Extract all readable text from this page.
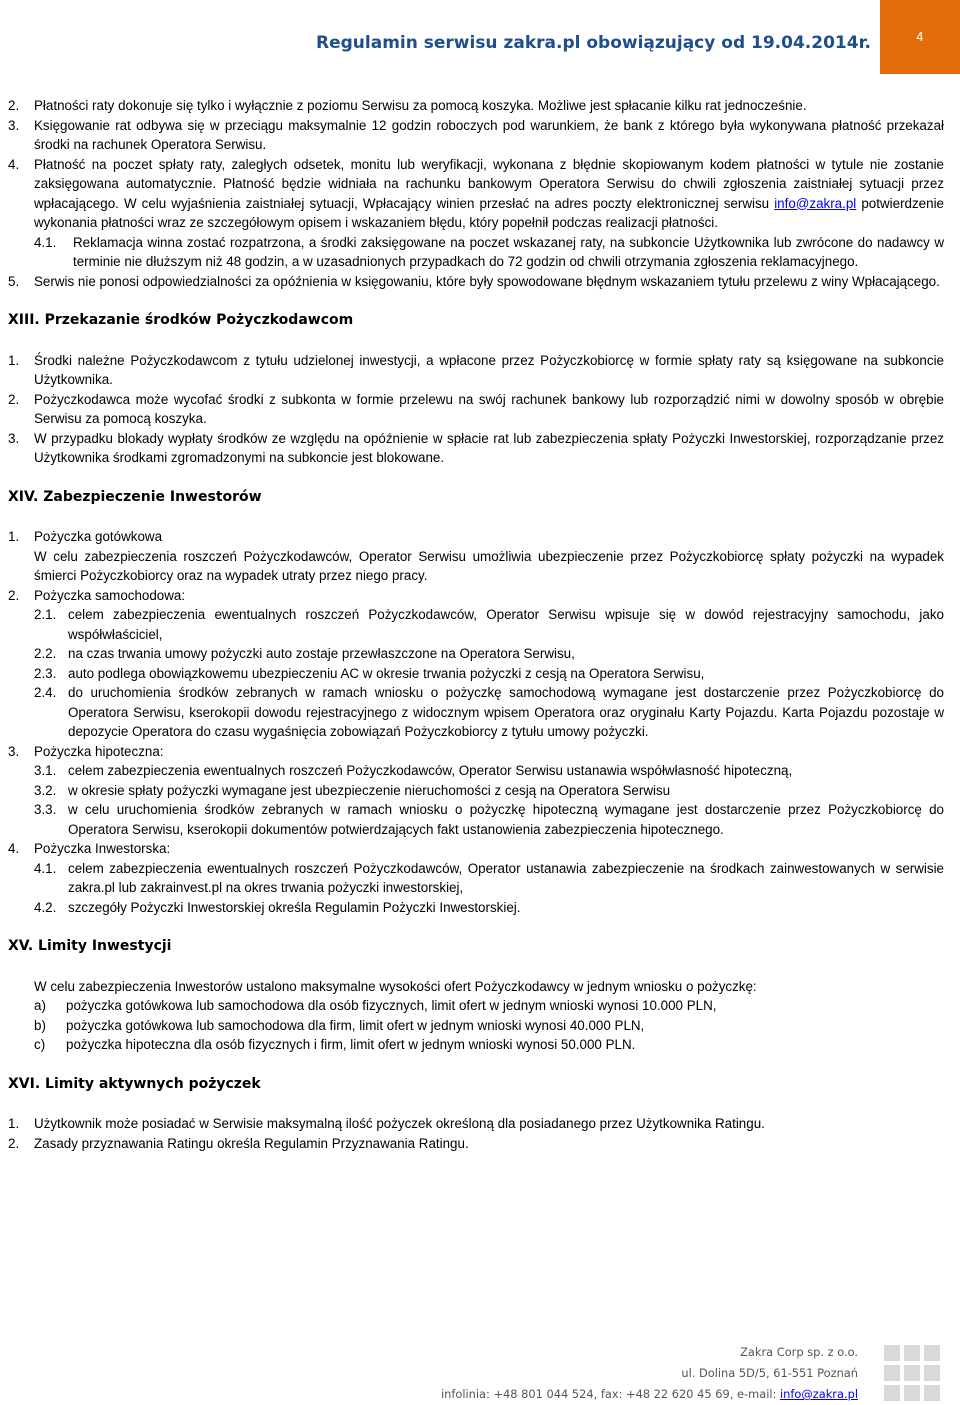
Regulamin serwisu zakra.pl obowiązujący od 19.04.2014r.	4
2.	Płatności raty dokonuje się tylko i wyłącznie z poziomu Serwisu za pomocą koszyka. Możliwe jest spłacanie kilku rat jednocześnie.
3.	Księgowanie rat odbywa się w przeciągu maksymalnie 12 godzin roboczych pod warunkiem, że bank z którego była wykonywana płatność przekazał środki na rachunek Operatora Serwisu.
4.	Płatność na poczet spłaty raty, zaległych odsetek, monitu lub weryfikacji, wykonana z błędnie skopiowanym kodem płatności w tytule nie zostanie zaksięgowana automatycznie. Płatność będzie widniała na rachunku bankowym Operatora Serwisu do chwili zgłoszenia zaistniałej sytuacji przez wpłacającego. W celu wyjaśnienia zaistniałej sytuacji, Wpłacający winien przesłać na adres poczty elektronicznej serwisu info@zakra.pl potwierdzenie wykonania płatności wraz ze szczegółowym opisem i wskazaniem błędu, który popełnił podczas realizacji płatności.
4.1.	Reklamacja winna zostać rozpatrzona, a środki zaksięgowane na poczet wskazanej raty, na subkoncie Użytkownika lub zwrócone do nadawcy w terminie nie dłuższym niż 48 godzin, a w uzasadnionych przypadkach do 72 godzin od chwili otrzymania zgłoszenia reklamacyjnego.
5.	Serwis nie ponosi odpowiedzialności za opóźnienia w księgowaniu, które były spowodowane błędnym wskazaniem tytułu przelewu z winy Wpłacającego.
XIII. Przekazanie środków Pożyczkodawcom
1.	Środki należne Pożyczkodawcom z tytułu udzielonej inwestycji, a wpłacone przez Pożyczkobiorcę w formie spłaty raty są księgowane na subkoncie Użytkownika.
2.	Pożyczkodawca może wycofać środki z subkonta w formie przelewu na swój rachunek bankowy lub rozporządzić nimi w dowolny sposób w obrębie Serwisu za pomocą koszyka.
3.	W przypadku blokady wypłaty środków ze względu na opóźnienie w spłacie rat lub zabezpieczenia spłaty Pożyczki Inwestorskiej, rozporządzanie przez Użytkownika środkami zgromadzonymi na subkoncie jest blokowane.
XIV. Zabezpieczenie Inwestorów
1.	Pożyczka gotówkowa

W celu zabezpieczenia roszczeń Pożyczkodawców, Operator Serwisu umożliwia ubezpieczenie przez Pożyczkobiorcę spłaty pożyczki na wypadek śmierci Pożyczkobiorcy oraz na wypadek utraty przez niego pracy.

2.	Pożyczka samochodowa:
2.1. celem zabezpieczenia ewentualnych roszczeń Pożyczkodawców, Operator Serwisu wpisuje się w dowód rejestracyjny samochodu, jako współwłaściciel,
2.2. na czas trwania umowy pożyczki auto zostaje przewłaszczone na Operatora Serwisu,
2.3. auto podlega obowiązkowemu ubezpieczeniu AC w okresie trwania pożyczki z cesją na Operatora Serwisu,
2.4. do uruchomienia środków zebranych w ramach wniosku o pożyczkę samochodową wymagane jest dostarczenie przez Pożyczkobiorcę do Operatora Serwisu, kserokopii dowodu rejestracyjnego z widocznym wpisem Operatora oraz oryginału Karty Pojazdu. Karta Pojazdu pozostaje w depozycie Operatora do czasu wygaśnięcia zobowiązań Pożyczkobiorcy z tytułu umowy pożyczki.
3.	Pożyczka hipoteczna:
3.1. celem zabezpieczenia ewentualnych roszczeń Pożyczkodawców, Operator Serwisu ustanawia współwłasność hipoteczną,
3.2. w okresie spłaty pożyczki wymagane jest ubezpieczenie nieruchomości z cesją na Operatora Serwisu
3.3. w celu uruchomienia środków zebranych w ramach wniosku o pożyczkę hipoteczną wymagane jest dostarczenie przez Pożyczkobiorcę do Operatora Serwisu, kserokopii dokumentów potwierdzających fakt ustanowienia zabezpieczenia hipotecznego.
4.	Pożyczka Inwestorska:
4.1. celem zabezpieczenia ewentualnych roszczeń Pożyczkodawców, Operator ustanawia zabezpieczenie na środkach zainwestowanych w serwisie zakra.pl lub zakrainvest.pl na okres trwania pożyczki inwestorskiej,
4.2. szczegóły Pożyczki Inwestorskiej określa Regulamin Pożyczki Inwestorskiej.
XV. Limity Inwestycji

W celu zabezpieczenia Inwestorów ustalono maksymalne wysokości ofert Pożyczkodawcy w jednym wniosku o pożyczkę:

a)	pożyczka gotówkowa lub samochodowa dla osób fizycznych, limit ofert w jednym wnioski wynosi 10.000 PLN,
b)	pożyczka gotówkowa lub samochodowa dla firm, limit ofert w jednym wnioski wynosi 40.000 PLN,
c)	pożyczka hipoteczna dla osób fizycznych i firm, limit ofert w jednym wnioski wynosi 50.000 PLN.
XVI. Limity aktywnych pożyczek
1.	Użytkownik może posiadać w Serwisie maksymalną ilość pożyczek określoną dla posiadanego przez Użytkownika Ratingu.
2.	Zasady przyznawania Ratingu określa Regulamin Przyznawania Ratingu.
Zakra Corp sp. z o.o.
ul. Dolina 5D/5, 61-551 Poznań
infolinia: +48 801 044 524, fax: +48 22 620 45 69, e-mail: info@zakra.pl
